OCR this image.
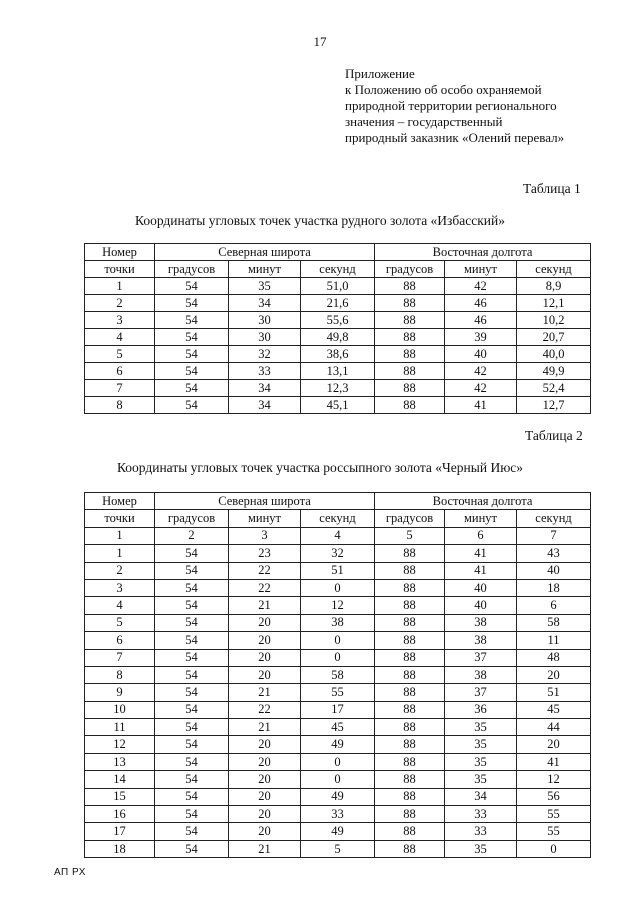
17
Приложение
к Положению об особо охраняемой
природной территории регионального
значения – государственный
природный заказник «Олений перевал»
Таблица 1
Координаты угловых точек участка рудного золота «Избасский»
Номер	Северная широта			Восточная долгота		
точки	градусов	минут	секунд	градусов	минут	секунд
1	54	35	51,0	88	42	8,9
2	54	34	21,6	88	46	12,1
3	54	30	55,6	88	46	10,2
4	54	30	49,8	88	39	20,7
5	54	32	38,6	88	40	40,0
6	54	33	13,1	88	42	49,9
7	54	34	12,3	88	42	52,4
8	54	34	45,1	88	41	12,7
Таблица 2
Координаты угловых точек участка россыпного золота «Черный Июс»
Номер	Северная широта			Восточная долгота		
точки	градусов	минут	секунд	градусов	минут	секунд
1	2	3	4	5	6	7
1	54	23	32	88	41	43
2	54	22	51	88	41	40
3	54	22	0	88	40	18
4	54	21	12	88	40	6
5	54	20	38	88	38	58
6	54	20	0	88	38	11
7	54	20	0	88	37	48
8	54	20	58	88	38	20
9	54	21	55	88	37	51
10	54	22	17	88	36	45
11	54	21	45	88	35	44
12	54	20	49	88	35	20
13	54	20	0	88	35	41
14	54	20	0	88	35	12
15	54	20	49	88	34	56
16	54	20	33	88	33	55
17	54	20	49	88	33	55
18	54	21	5	88	35	0
АП РХ
